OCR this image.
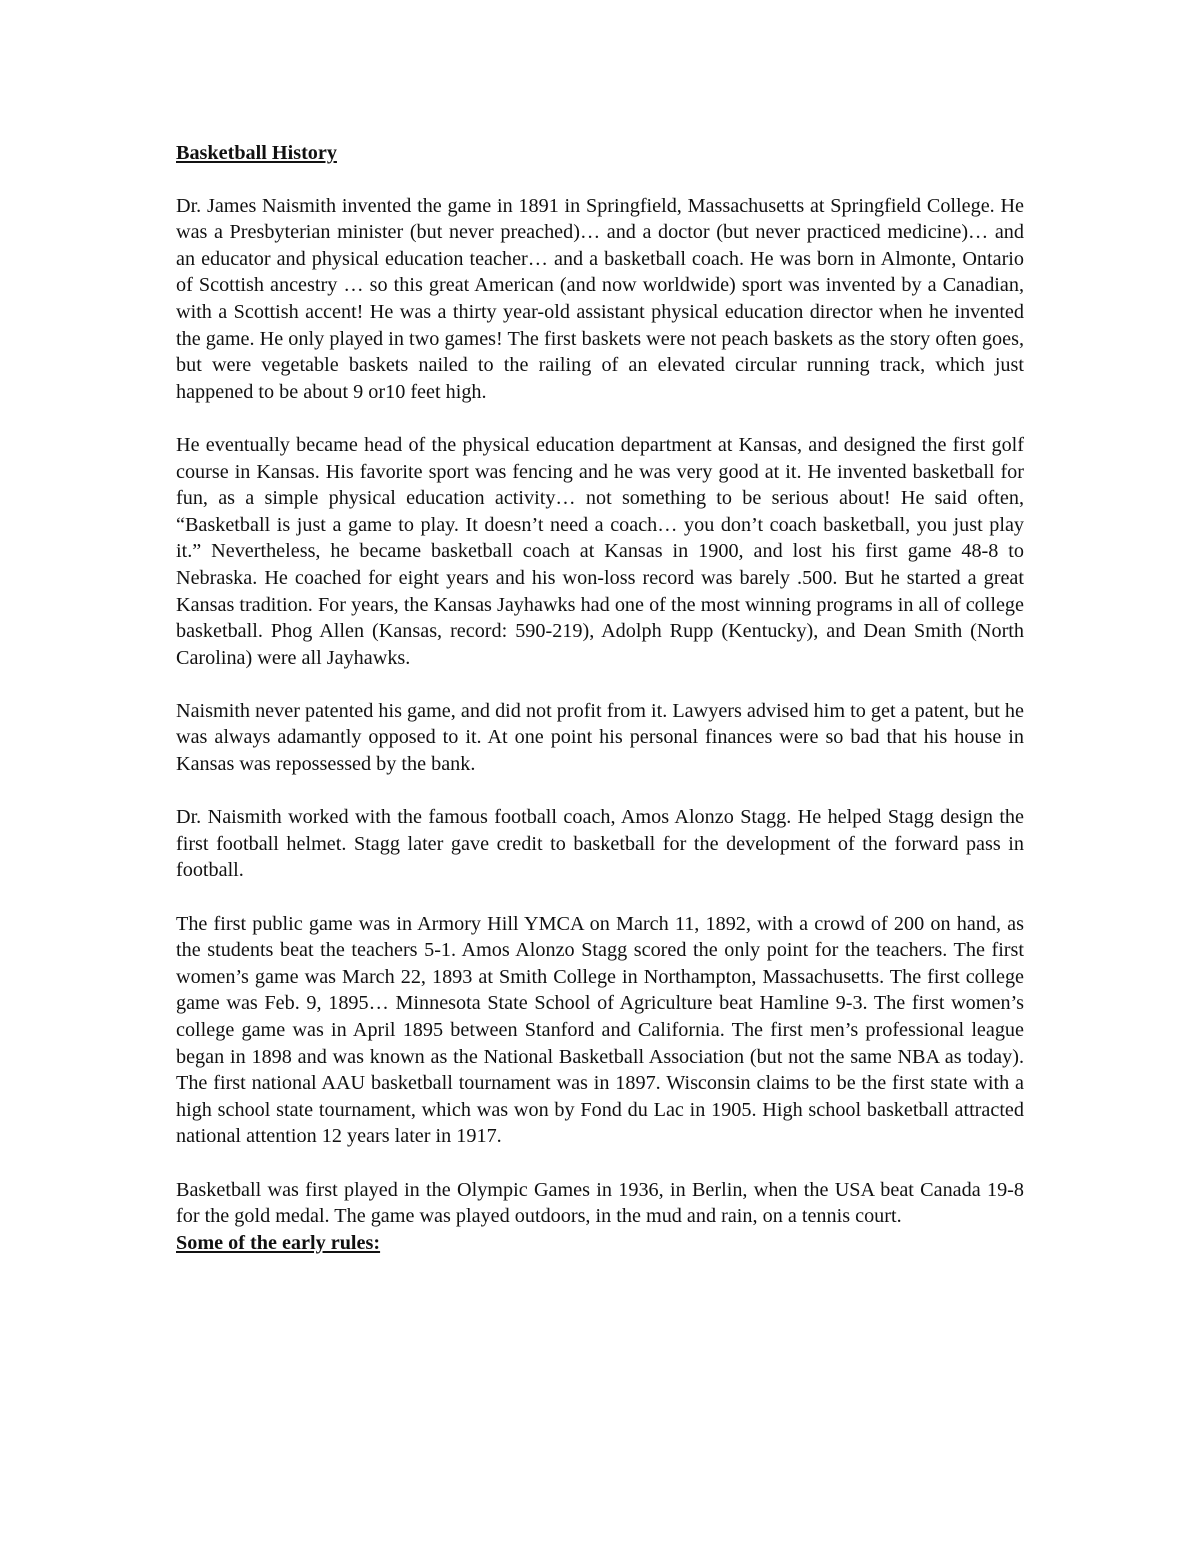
Basketball History

Dr. James Naismith invented the game in 1891 in Springfield, Massachusetts at Springfield College. He was a Presbyterian minister (but never preached)… and a doctor (but never practiced medicine)… and an educator and physical education teacher… and a basketball coach. He was born in Almonte, Ontario of Scottish ancestry … so this great American (and now worldwide) sport was invented by a Canadian, with a Scottish accent! He was a thirty year-old assistant physical education director when he invented the game. He only played in two games! The first baskets were not peach baskets as the story often goes, but were vegetable baskets nailed to the railing of an elevated circular running track, which just happened to be about 9 or10 feet high.

He eventually became head of the physical education department at Kansas, and designed the first golf course in Kansas. His favorite sport was fencing and he was very good at it. He invented basketball for fun, as a simple physical education activity… not something to be serious about! He said often, “Basketball is just a game to play. It doesn’t need a coach… you don’t coach basketball, you just play it.” Nevertheless, he became basketball coach at Kansas in 1900, and lost his first game 48-8 to Nebraska. He coached for eight years and his won-loss record was barely .500. But he started a great Kansas tradition. For years, the Kansas Jayhawks had one of the most winning programs in all of college basketball. Phog Allen (Kansas, record: 590-219), Adolph Rupp (Kentucky), and Dean Smith (North Carolina) were all Jayhawks.

Naismith never patented his game, and did not profit from it. Lawyers advised him to get a patent, but he was always adamantly opposed to it. At one point his personal finances were so bad that his house in Kansas was repossessed by the bank.

Dr. Naismith worked with the famous football coach, Amos Alonzo Stagg. He helped Stagg design the first football helmet. Stagg later gave credit to basketball for the development of the forward pass in football.

The first public game was in Armory Hill YMCA on March 11, 1892, with a crowd of 200 on hand, as the students beat the teachers 5-1. Amos Alonzo Stagg scored the only point for the teachers. The first women’s game was March 22, 1893 at Smith College in Northampton, Massachusetts. The first college game was Feb. 9, 1895… Minnesota State School of Agriculture beat Hamline 9-3. The first women’s college game was in April 1895 between Stanford and California. The first men’s professional league began in 1898 and was known as the National Basketball Association (but not the same NBA as today). The first national AAU basketball tournament was in 1897. Wisconsin claims to be the first state with a high school state tournament, which was won by Fond du Lac in 1905. High school basketball attracted national attention 12 years later in 1917.

Basketball was first played in the Olympic Games in 1936, in Berlin, when the USA beat Canada 19-8 for the gold medal. The game was played outdoors, in the mud and rain, on a tennis court.

Some of the early rules:
